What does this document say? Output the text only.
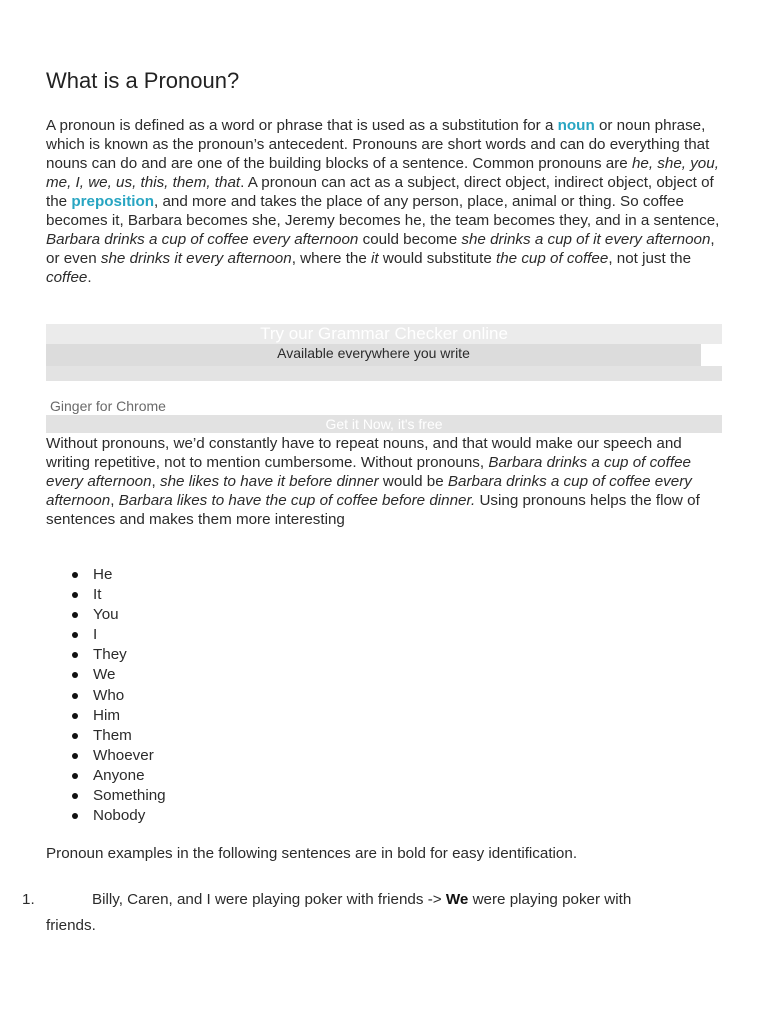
What is a Pronoun?

A pronoun is defined as a word or phrase that is used as a substitution for a noun or noun phrase, which is known as the pronoun’s antecedent. Pronouns are short words and can do everything that nouns can do and are one of the building blocks of a sentence. Common pronouns are he, she, you, me, I, we, us, this, them, that. A pronoun can act as a subject, direct object, indirect object, object of the preposition, and more and takes the place of any person, place, animal or thing. So coffee becomes it, Barbara becomes she, Jeremy becomes he, the team becomes they, and in a sentence, Barbara drinks a cup of coffee every afternoon could become she drinks a cup of it every afternoon, or even she drinks it every afternoon, where the it would substitute the cup of coffee, not just the coffee.

Try our Grammar Checker online
Available everywhere you write
Ginger for Chrome
Get it Now, it's free

Without pronouns, we’d constantly have to repeat nouns, and that would make our speech and writing repetitive, not to mention cumbersome. Without pronouns, Barbara drinks a cup of coffee every afternoon, she likes to have it before dinner would be Barbara drinks a cup of coffee every afternoon, Barbara likes to have the cup of coffee before dinner. Using pronouns helps the flow of sentences and makes them more interesting

He
It
You
I
They
We
Who
Him
Them
Whoever
Anyone
Something
Nobody

Pronoun examples in the following sentences are in bold for easy identification.

1.	Billy, Caren, and I were playing poker with friends -> We were playing poker with
friends.
